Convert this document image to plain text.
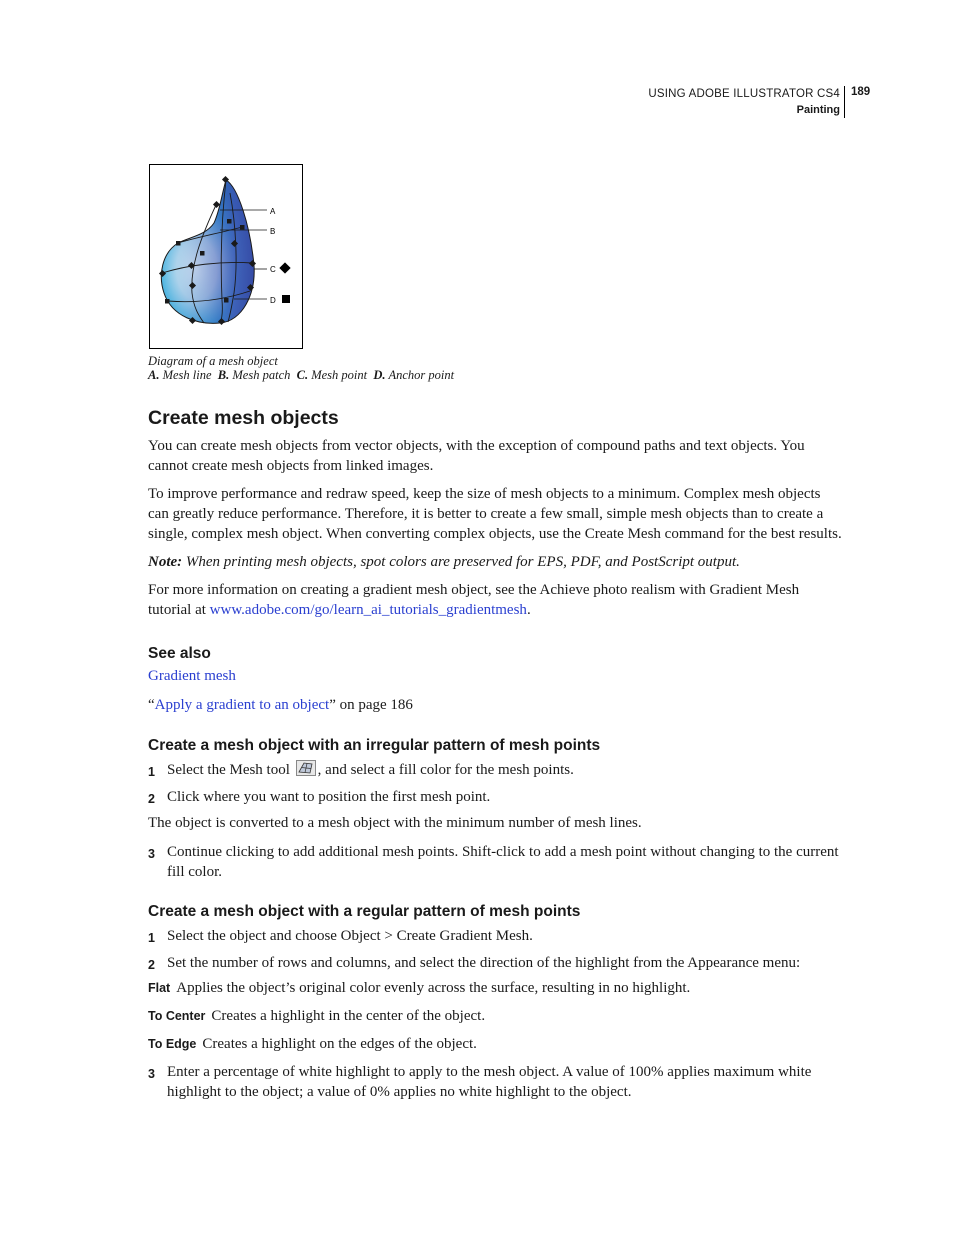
USING ADOBE ILLUSTRATOR CS4
Painting
189
A
B
C
D
Diagram of a mesh object
A. Mesh line B. Mesh patch C. Mesh point D. Anchor point
Create mesh objects

You can create mesh objects from vector objects, with the exception of compound paths and text objects. You cannot create mesh objects from linked images.

To improve performance and redraw speed, keep the size of mesh objects to a minimum. Complex mesh objects can greatly reduce performance. Therefore, it is better to create a few small, simple mesh objects than to create a single, complex mesh object. When converting complex objects, use the Create Mesh command for the best results.

Note: When printing mesh objects, spot colors are preserved for EPS, PDF, and PostScript output.

For more information on creating a gradient mesh object, see the Achieve photo realism with Gradient Mesh tutorial at www.adobe.com/go/learn_ai_tutorials_gradientmesh.

See also
Gradient mesh
“Apply a gradient to an object” on page 186
Create a mesh object with an irregular pattern of mesh points
1 Select the Mesh tool , and select a fill color for the mesh points.
2 Click where you want to position the first mesh point.

The object is converted to a mesh object with the minimum number of mesh lines.

3 Continue clicking to add additional mesh points. Shift-click to add a mesh point without changing to the current fill color.
Create a mesh object with a regular pattern of mesh points
1 Select the object and choose Object > Create Gradient Mesh.
2 Set the number of rows and columns, and select the direction of the highlight from the Appearance menu:
Flat Applies the object’s original color evenly across the surface, resulting in no highlight.
To Center Creates a highlight in the center of the object.
To Edge Creates a highlight on the edges of the object.
3 Enter a percentage of white highlight to apply to the mesh object. A value of 100% applies maximum white highlight to the object; a value of 0% applies no white highlight to the object.
